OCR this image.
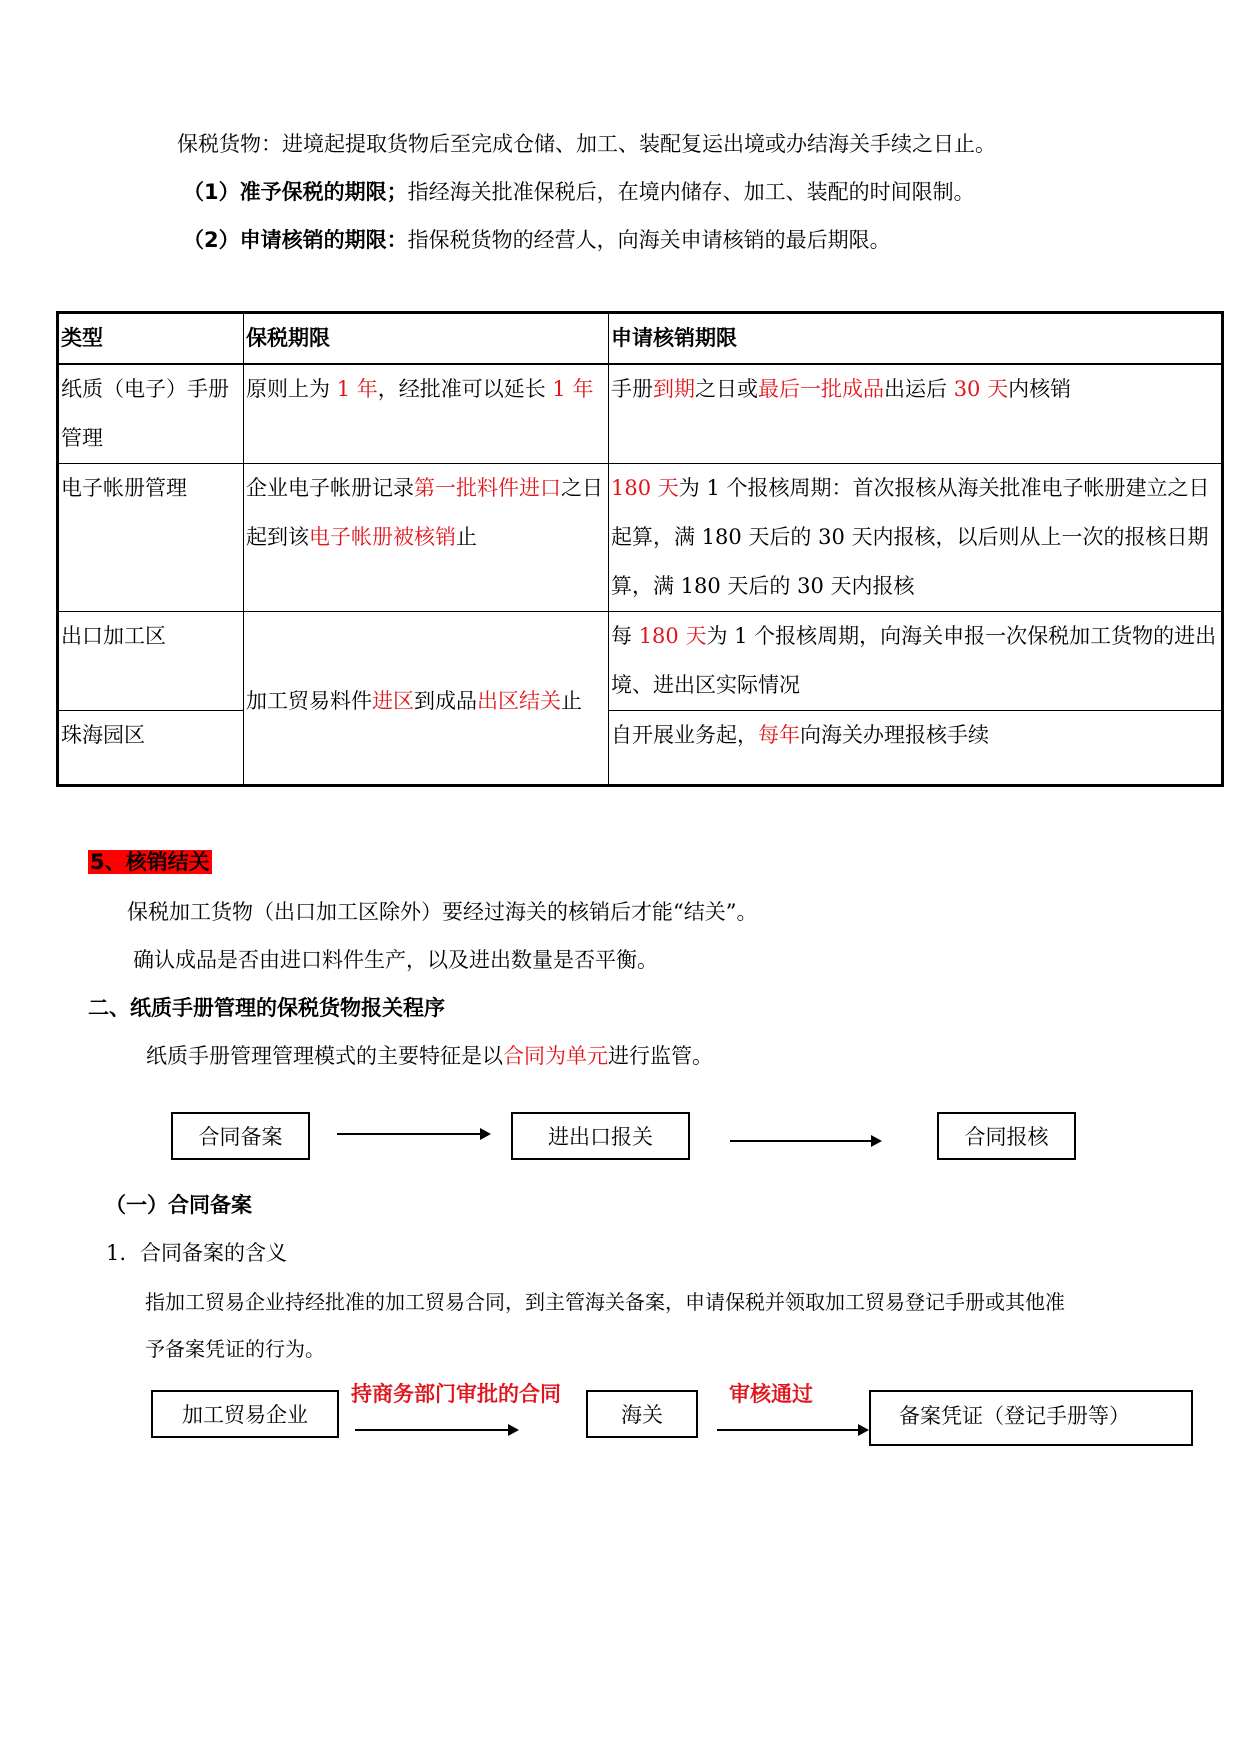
保税货物：进境起提取货物后至完成仓储、加工、装配复运出境或办结海关手续之日止。
（1）准予保税的期限；指经海关批准保税后，在境内储存、加工、装配的时间限制。
（2）申请核销的期限：指保税货物的经营人，向海关申请核销的最后期限。
类型	保税期限	申请核销期限
纸质（电子）手册管理	原则上为 1 年，经批准可以延长 1 年	手册到期之日或最后一批成品出运后 30 天内核销
电子帐册管理	企业电子帐册记录第一批料件进口之日起到该电子帐册被核销止	180 天为 1 个报核周期：首次报核从海关批准电子帐册建立之日起算，满 180 天后的 30 天内报核，以后则从上一次的报核日期算，满 180 天后的 30 天内报核
出口加工区	加工贸易料件进区到成品出区结关止	每 180 天为 1 个报核周期，向海关申报一次保税加工货物的进出境、进出区实际情况
珠海园区		自开展业务起，每年向海关办理报核手续
5、核销结关
保税加工货物（出口加工区除外）要经过海关的核销后才能“结关”。
确认成品是否由进口料件生产，以及进出数量是否平衡。
二、纸质手册管理的保税货物报关程序
纸质手册管理管理模式的主要特征是以合同为单元进行监管。
合同备案	进出口报关	合同报核
（一）合同备案
1. 合同备案的含义
指加工贸易企业持经批准的加工贸易合同，到主管海关备案，申请保税并领取加工贸易登记手册或其他准
予备案凭证的行为。
加工贸易企业
持商务部门审批的合同
海关
审核通过
备案凭证（登记手册等）
